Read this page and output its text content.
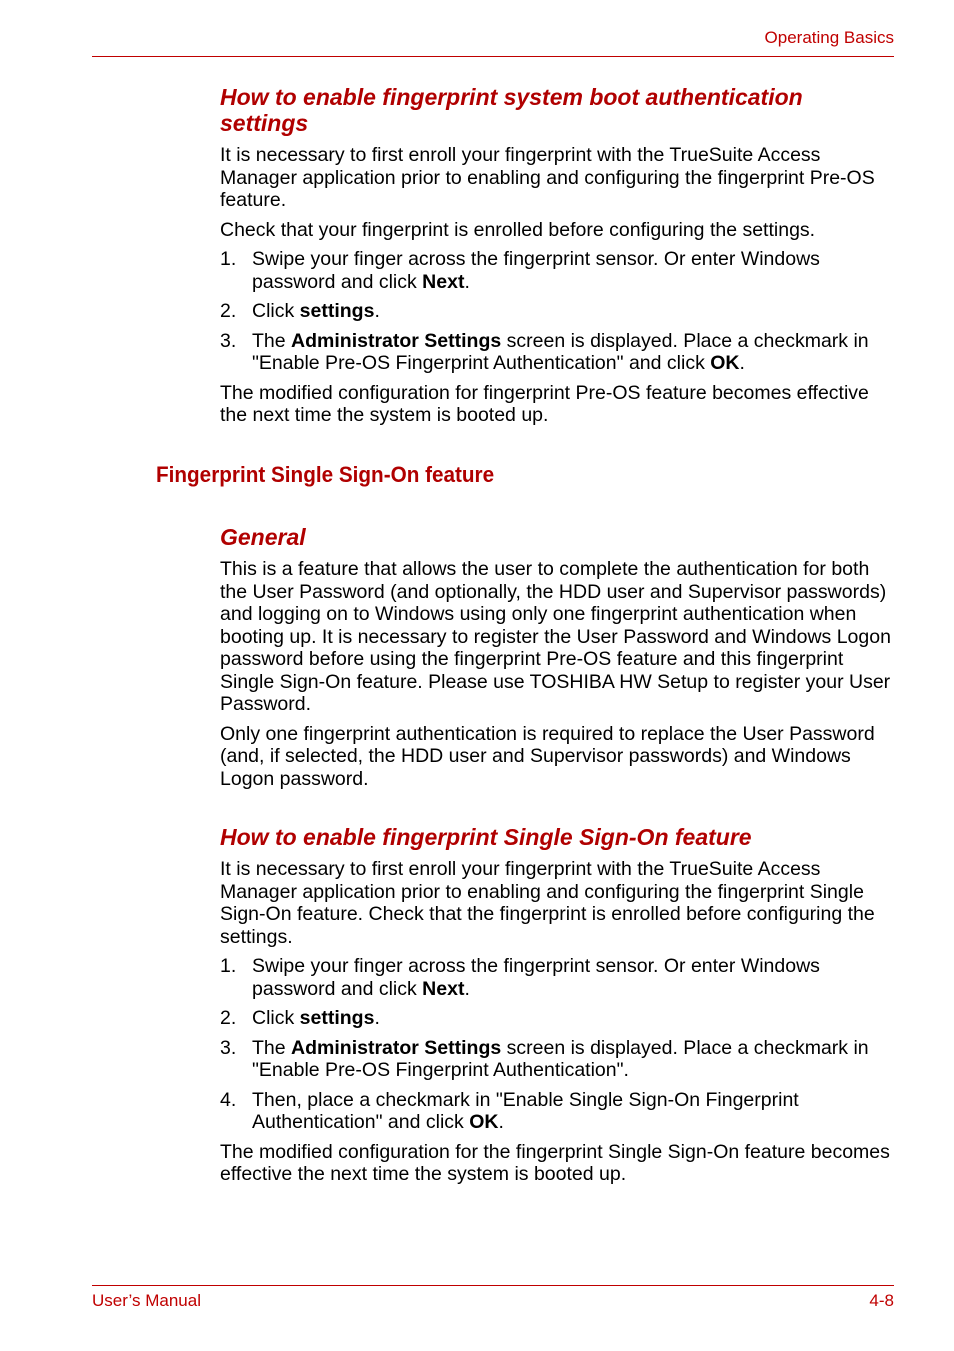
Operating Basics
How to enable fingerprint system boot authentication
settings

It is necessary to first enroll your fingerprint with the TrueSuite Access Manager application prior to enabling and configuring the fingerprint Pre-OS feature.

Check that your fingerprint is enrolled before configuring the settings.

1. Swipe your finger across the fingerprint sensor. Or enter Windows password and click Next.
2. Click settings.
3. The Administrator Settings screen is displayed. Place a checkmark in "Enable Pre-OS Fingerprint Authentication" and click OK.

The modified configuration for fingerprint Pre-OS feature becomes effective the next time the system is booted up.

Fingerprint Single Sign-On feature
General

This is a feature that allows the user to complete the authentication for both the User Password (and optionally, the HDD user and Supervisor passwords) and logging on to Windows using only one fingerprint authentication when booting up. It is necessary to register the User Password and Windows Logon password before using the fingerprint Pre-OS feature and this fingerprint Single Sign-On feature. Please use TOSHIBA HW Setup to register your User Password.

Only one fingerprint authentication is required to replace the User Password (and, if selected, the HDD user and Supervisor passwords) and Windows Logon password.

How to enable fingerprint Single Sign-On feature

It is necessary to first enroll your fingerprint with the TrueSuite Access Manager application prior to enabling and configuring the fingerprint Single Sign-On feature. Check that the fingerprint is enrolled before configuring the settings.

1. Swipe your finger across the fingerprint sensor. Or enter Windows password and click Next.
2. Click settings.
3. The Administrator Settings screen is displayed. Place a checkmark in "Enable Pre-OS Fingerprint Authentication".
4. Then, place a checkmark in "Enable Single Sign-On Fingerprint Authentication" and click OK.

The modified configuration for the fingerprint Single Sign-On feature becomes effective the next time the system is booted up.

User’s Manual	4-8
